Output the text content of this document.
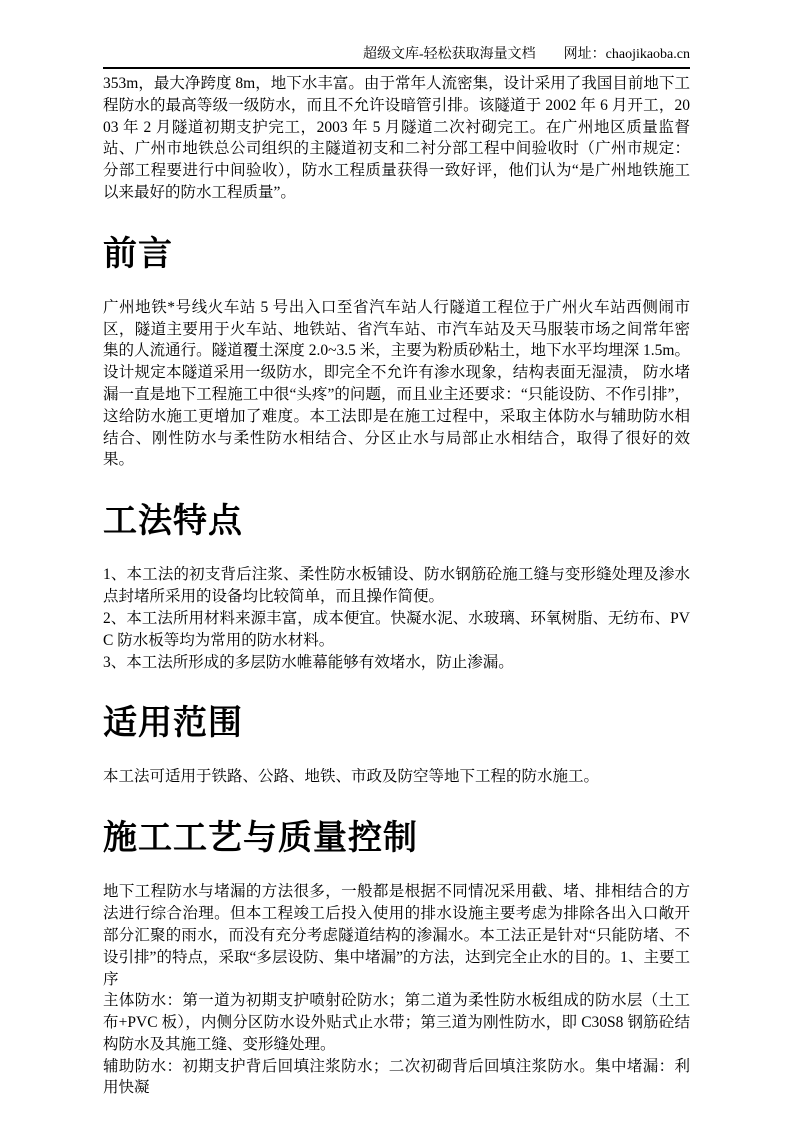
超级文库-轻松获取海量文档 网址：chaojikaoba.cn

353m，最大净跨度 8m，地下水丰富。由于常年人流密集，设计采用了我国目前地下工程防水的最高等级一级防水，而且不允许设暗管引排。该隧道于 2002 年 6 月开工，2003 年 2 月隧道初期支护完工，2003 年 5 月隧道二次衬砌完工。在广州地区质量监督站、广州市地铁总公司组织的主隧道初支和二衬分部工程中间验收时（广州市规定：分部工程要进行中间验收），防水工程质量获得一致好评，他们认为“是广州地铁施工以来最好的防水工程质量”。

前言

广州地铁*号线火车站 5 号出入口至省汽车站人行隧道工程位于广州火车站西侧闹市区，隧道主要用于火车站、地铁站、省汽车站、市汽车站及天马服装市场之间常年密集的人流通行。隧道覆土深度 2.0~3.5 米，主要为粉质砂粘土，地下水平均埋深 1.5m。设计规定本隧道采用一级防水，即完全不允许有渗水现象，结构表面无湿渍， 防水堵漏一直是地下工程施工中很“头疼”的问题，而且业主还要求：“只能设防、不作引排”，这给防水施工更增加了难度。本工法即是在施工过程中，采取主体防水与辅助防水相结合、刚性防水与柔性防水相结合、分区止水与局部止水相结合，取得了很好的效果。

工法特点

1、本工法的初支背后注浆、柔性防水板铺设、防水钢筋砼施工缝与变形缝处理及渗水点封堵所采用的设备均比较简单，而且操作简便。

2、本工法所用材料来源丰富，成本便宜。快凝水泥、水玻璃、环氧树脂、无纺布、PVC 防水板等均为常用的防水材料。

3、本工法所形成的多层防水帷幕能够有效堵水，防止渗漏。

适用范围

本工法可适用于铁路、公路、地铁、市政及防空等地下工程的防水施工。

施工工艺与质量控制

地下工程防水与堵漏的方法很多，一般都是根据不同情况采用截、堵、排相结合的方法进行综合治理。但本工程竣工后投入使用的排水设施主要考虑为排除各出入口敞开部分汇聚的雨水，而没有充分考虑隧道结构的渗漏水。本工法正是针对“只能防堵、不设引排”的特点，采取“多层设防、集中堵漏”的方法，达到完全止水的目的。1、主要工序

主体防水：第一道为初期支护喷射砼防水；第二道为柔性防水板组成的防水层（土工布+PVC 板），内侧分区防水设外贴式止水带；第三道为刚性防水，即 C30S8 钢筋砼结构防水及其施工缝、变形缝处理。

辅助防水：初期支护背后回填注浆防水；二次初砌背后回填注浆防水。集中堵漏：利用快凝
